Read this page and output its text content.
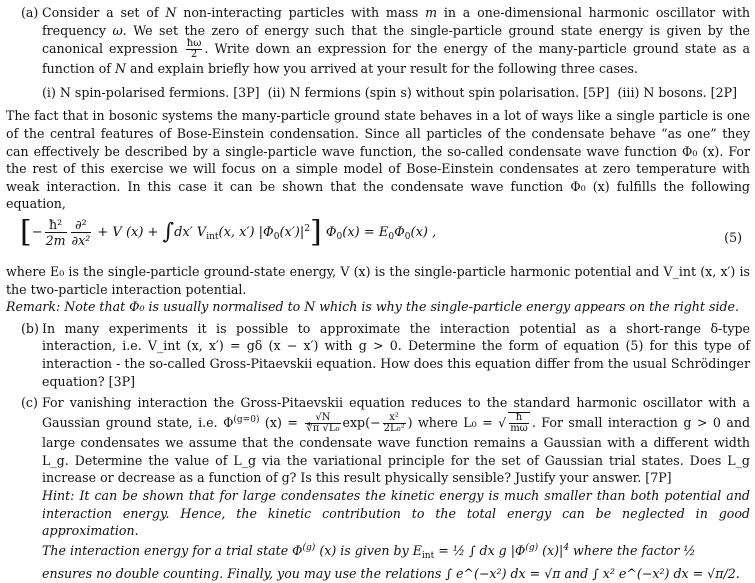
(a) Consider a set of N non-interacting particles with mass m in a one-dimensional harmonic oscillator with frequency ω. We set the zero of energy such that the single-particle ground state energy is given by the canonical expression $\frac{ħ\omega}{2}$ . Write down an expression for the energy of the many-particle ground state as a function of N and explain briefly how you arrived at your result for the following three cases.
(i) N spin-polarised fermions. [3P] (ii) N fermions (spin s) without spin polarisation. [5P] (iii) N bosons. [2P]
The fact that in bosonic systems the many-particle ground state behaves in a lot of ways like a single particle is one of the central features of Bose-Einstein condensation. Since all particles of the condensate behave “as one” they can effectively be described by a single-particle wave function, the so-called condensate wave function Φ₀ (x). For the rest of this exercise we will focus on a simple model of Bose-Einstein condensates at zero temperature with weak interaction. In this case it can be shown that the condensate wave function Φ₀ (x) fulfills the following equation,
[− $\frac{\text{ħ²}}{2m} \frac{\text{∂²}}{\text{∂x²}} + V$ (x) + ∫dx′ $V_{int}(x$, x′) $|\Phi_0(x')|^2$] $\Phi_0(x) = E_0\Phi_0(x)$ ,	(5)
where E₀ is the single-particle ground-state energy, V (x) is the single-particle harmonic potential and V_int (x, x′) is the two-particle interaction potential.
Remark: Note that Φ₀ is usually normalised to N which is why the single-particle energy appears on the right side.
(b) In many experiments it is possible to approximate the interaction potential as a short-range δ-type interaction, i.e. V_int (x, x′) = gδ (x − x′) with g > 0. Determine the form of equation (5) for this type of interaction - the so-called Gross-Pitaevskii equation. How does this equation differ from the usual Schrödinger equation? [3P]
(c) For vanishing interaction the Gross-Pitaevskii equation reduces to the standard harmonic oscillator with a Gaussian ground state, i.e. $\Phi^{(g=0)}$ $(x) = \frac{√N}{\text{∜π √L₀}} \exp(- \frac{\text{x²}}{\text{2L₀²}}$ ) where L₀ = √ $\frac{ħ}{m\omega}$ . For small interaction g > 0 and large condensates we assume that the condensate wave function remains a Gaussian with a different width L_g. Determine the value of L_g via the variational principle for the set of Gaussian trial states. Does L_g increase or decrease as a function of g? Is this result physically sensible? Justify your answer. [7P]
Hint: It can be shown that for large condensates the kinetic energy is much smaller than both potential and interaction energy. Hence, the kinetic contribution to the total energy can be neglected in good approximation.
The interaction energy for a trial state $\Phi^{(g)}$ (x) is given by $E_{int}$ = ½ ∫ dx g $|\Phi^{(g)}$ $(x)|^4$ where the factor ½
ensures no double counting. Finally, you may use the relations ∫ e^(−x²) dx = √π and ∫ x² e^(−x²) dx = √π/2.
